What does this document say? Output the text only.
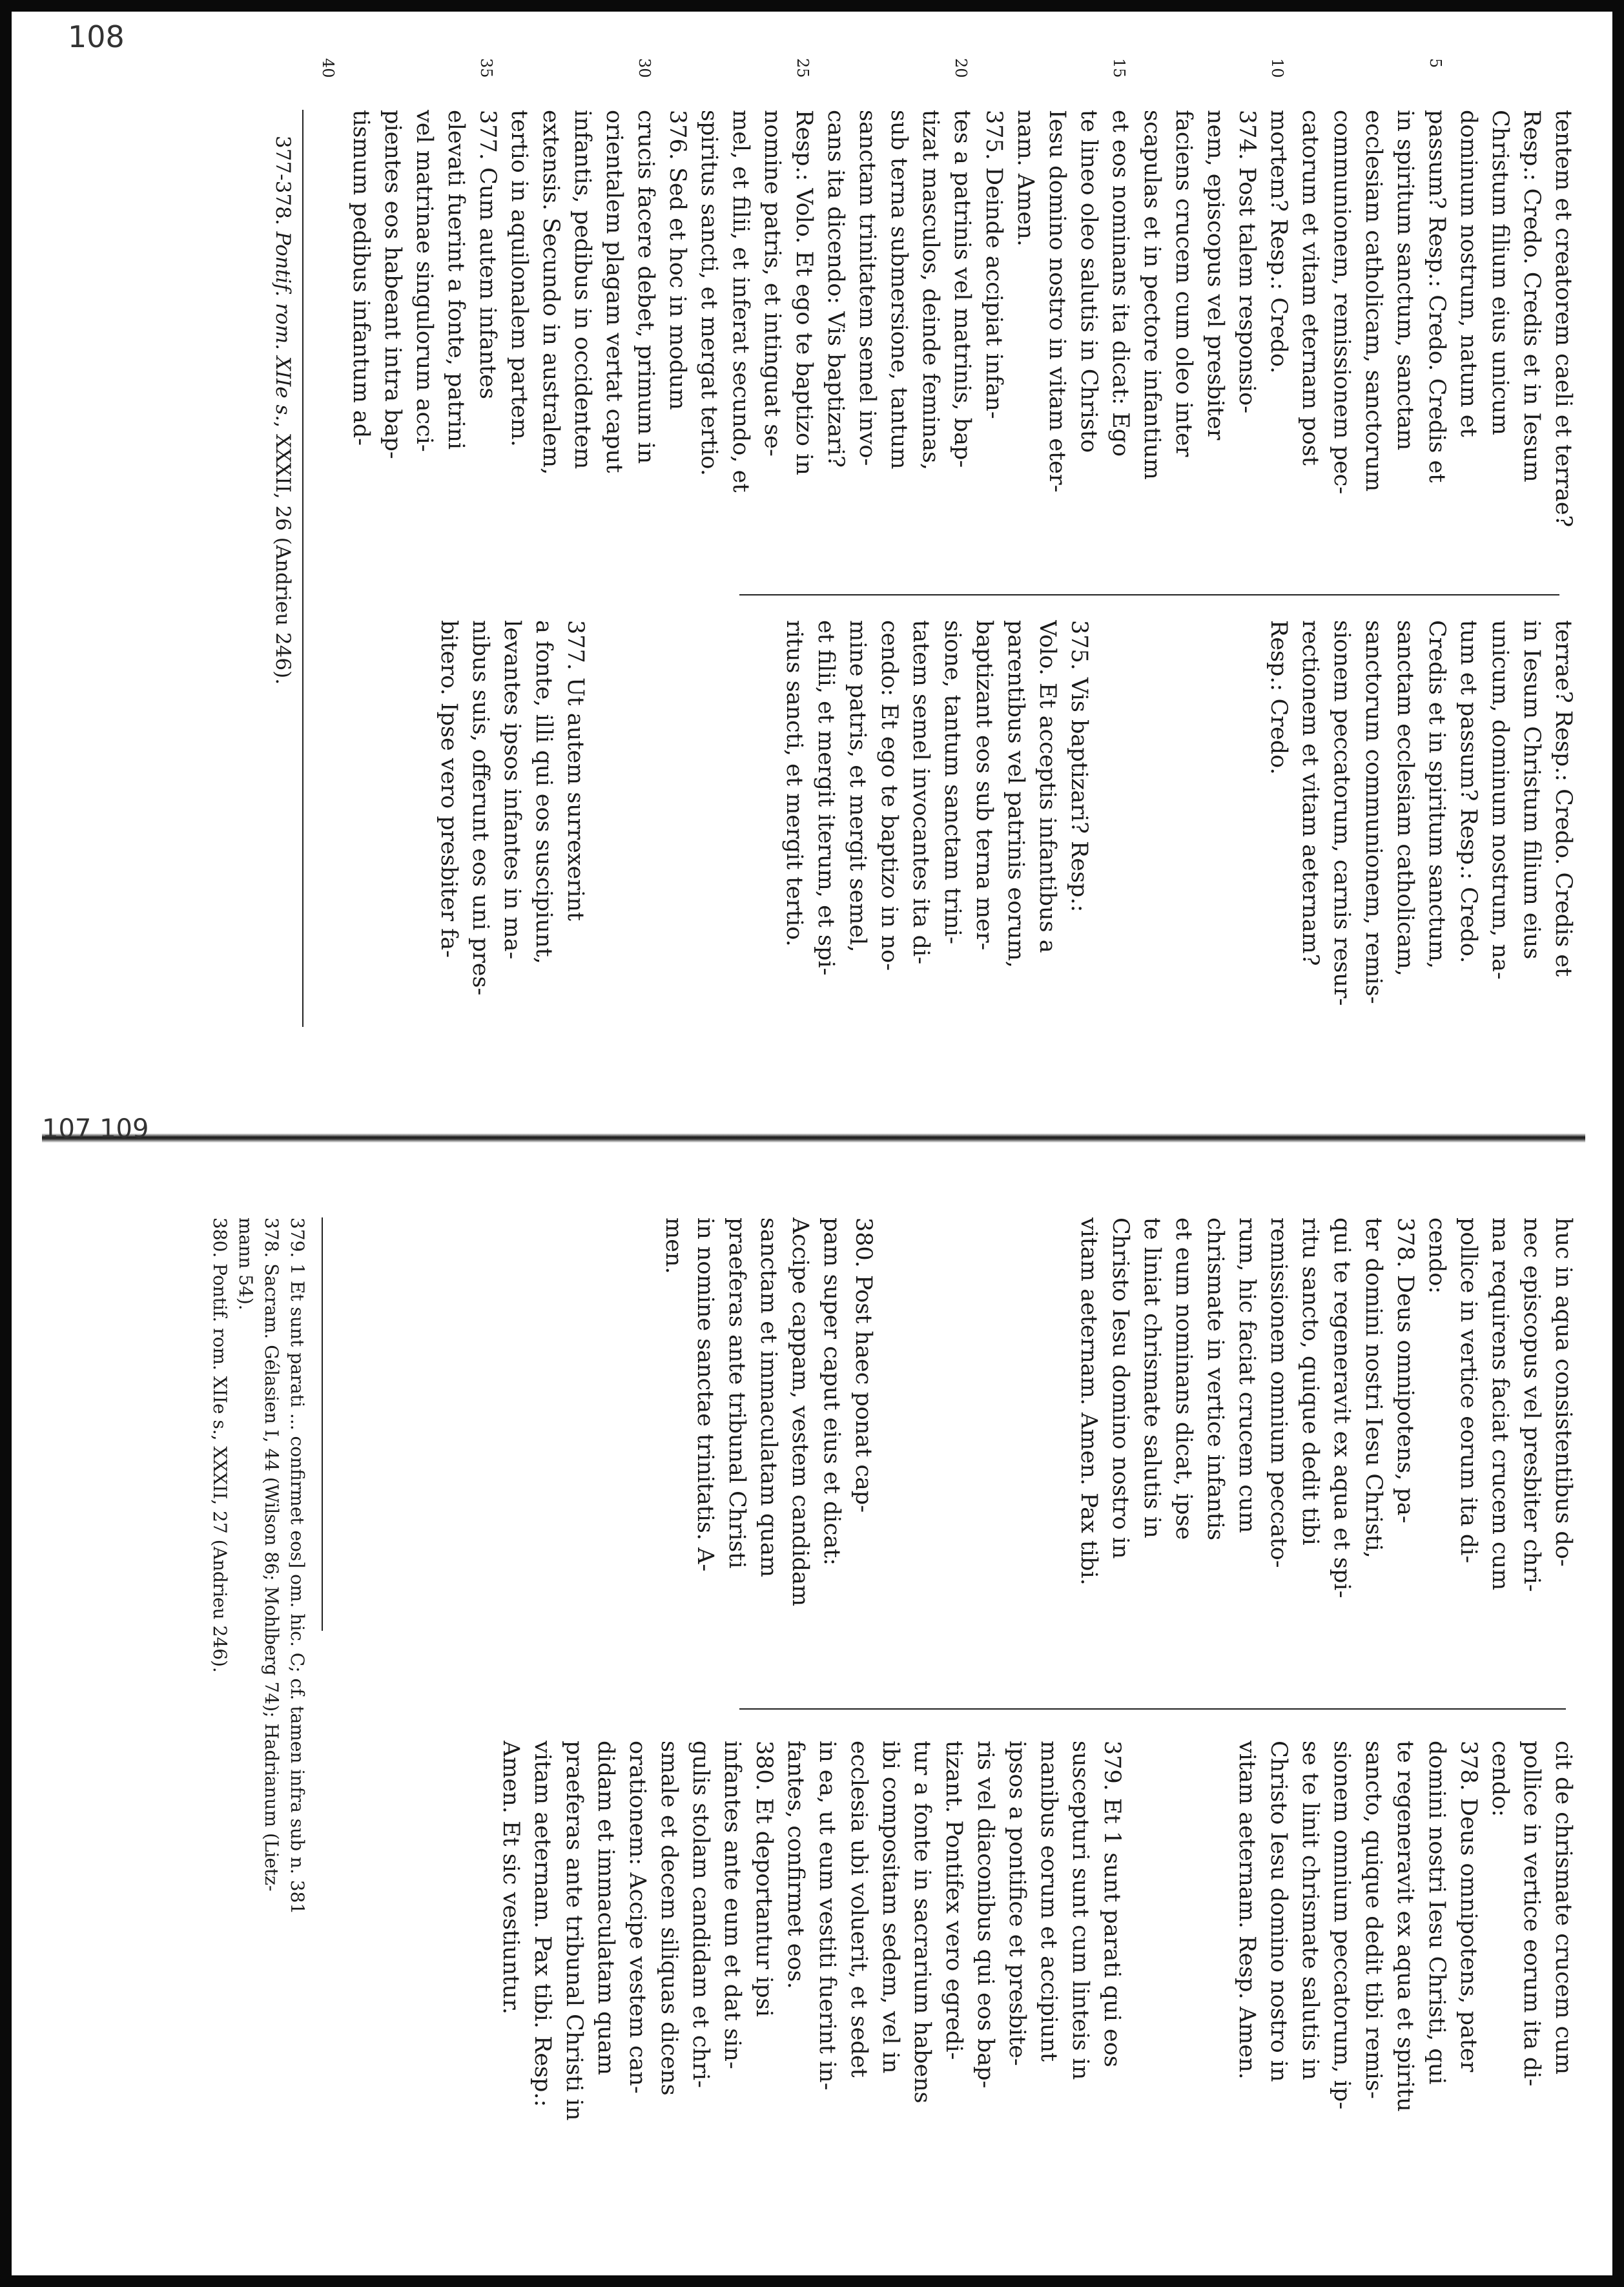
108
5
10
15
20
25
30
35
40
tentem et creatorem caeli et terrae?
Resp.: Credo. Credis et in Iesum
Christum filium eius unicum
dominum nostrum, natum et
passum? Resp.: Credo. Credis et
in spiritum sanctum, sanctam
ecclesiam catholicam, sanctorum
communionem, remissionem pec-
catorum et vitam eternam post
mortem? Resp.: Credo.
374. Post talem responsio-
nem, episcopus vel presbiter
faciens crucem cum oleo inter
scapulas et in pectore infantium
et eos nominans ita dicat: Ego
te lineo oleo salutis in Christo
Iesu domino nostro in vitam eter-
nam. Amen.
375. Deinde accipiat infan-
tes a patrinis vel matrinis, bap-
tizat masculos, deinde feminas,
sub terna submersione, tantum
sanctam trinitatem semel invo-
cans ita dicendo: Vis baptizari?
Resp.: Volo. Et ego te baptizo in
nomine patris, et intinguat se-
mel, et filii, et inferat secundo, et
spiritus sancti, et mergat tertio.
376. Sed et hoc in modum
crucis facere debet, primum in
orientalem plagam vertat caput
infantis, pedibus in occidentem
extensis. Secundo in australem,
tertio in aquilonalem partem.
377. Cum autem infantes
elevati fuerint a fonte, patrini
vel matrinae singulorum acci-
pientes eos habeant intra bap-
tismum pedibus infantum ad-
terrae? Resp.: Credo. Credis et
in Iesum Christum filium eius
unicum, dominum nostrum, na-
tum et passum? Resp.: Credo.
Credis et in spiritum sanctum,
sanctam ecclesiam catholicam,
sanctorum communionem, remis-
sionem peccatorum, carnis resur-
rectionem et vitam aeternam?
Resp.: Credo.
375. Vis baptizari? Resp.:
Volo. Et acceptis infantibus a
parentibus vel patrinis eorum,
baptizant eos sub terna mer-
sione, tantum sanctam trini-
tatem semel invocantes ita di-
cendo: Et ego te baptizo in no-
mine patris, et mergit semel,
et filii, et mergit iterum, et spi-
ritus sancti, et mergit tertio.
377. Ut autem surrexerint
a fonte, illi qui eos suscipiunt,
levantes ipsos infantes in ma-
nibus suis, offerunt eos uni pres-
bitero. Ipse vero presbiter fa-
377-378. Pontif. rom. XIIe s., XXXII, 26 (Andrieu 246).
107 109
huc in aqua consistentibus do-
nec episcopus vel presbiter chri-
ma requirens faciat crucem cum
pollice in vertice eorum ita di-
cendo:
378. Deus omnipotens, pa-
ter domini nostri Iesu Christi,
qui te regeneravit ex aqua et spi-
ritu sancto, quique dedit tibi
remissionem omnium peccato-
rum, hic faciat crucem cum
chrismate in vertice infantis
et eum nominans dicat, ipse
te liniat chrismate salutis in
Christo Iesu domino nostro in
vitam aeternam. Amen. Pax tibi.
380. Post haec ponat cap-
pam super caput eius et dicat:
Accipe cappam, vestem candidam
sanctam et immaculatam quam
praeferas ante tribunal Christi
in nomine sanctae trinitatis. A-
men.
cit de chrismate crucem cum
pollice in vertice eorum ita di-
cendo:
378. Deus omnipotens, pater
domini nostri Iesu Christi, qui
te regeneravit ex aqua et spiritu
sancto, quique dedit tibi remis-
sionem omnium peccatorum, ip-
se te linit chrismate salutis in
Christo Iesu domino nostro in
vitam aeternam. Resp. Amen.
379. Et 1 sunt parati qui eos
suscepturi sunt cum linteis in
manibus eorum et accipiunt
ipsos a pontifice et presbite-
ris vel diaconibus qui eos bap-
tizant. Pontifex vero egredi-
tur a fonte in sacrarium habens
ibi compositam sedem, vel in
ecclesia ubi voluerit, et sedet
in ea, ut eum vestiti fuerint in-
fantes, confirmet eos.
380. Et deportantur ipsi
infantes ante eum et dat sin-
gulis stolam candidam et chri-
smale et decem siliquas dicens
orationem: Accipe vestem can-
didam et immaculatam quam
praeferas ante tribunal Christi in
vitam aeternam. Pax tibi. Resp.:
Amen. Et sic vestiuntur.
379. 1 Et sunt parati ... confirmet eos] om. hic. C; cf. tamen infra sub n. 381
378. Sacram. Gélasien I, 44 (Wilson 86; Mohlberg 74); Hadrianum (Lietz-
mann 54).
380. Pontif. rom. XIIe s., XXXII, 27 (Andrieu 246).
